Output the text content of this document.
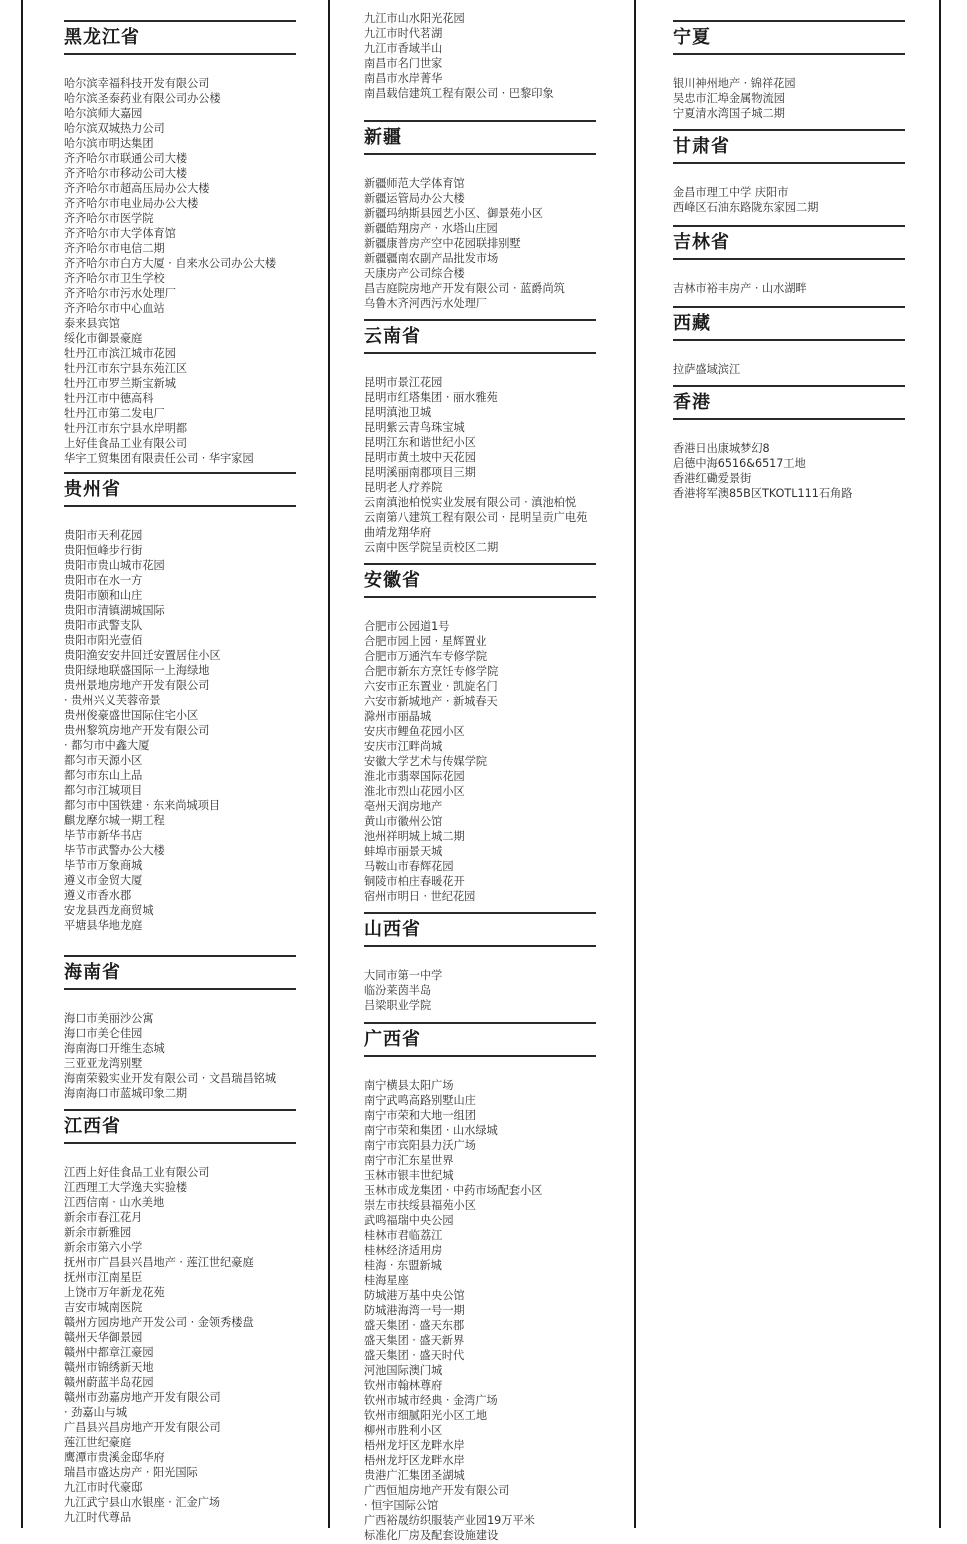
黑龙江省
哈尔滨幸福科技开发有限公司
哈尔滨圣泰药业有限公司办公楼
哈尔滨师大嘉园
哈尔滨双城热力公司
哈尔滨市明达集团
齐齐哈尔市联通公司大楼
齐齐哈尔市移动公司大楼
齐齐哈尔市超高压局办公大楼
齐齐哈尔市电业局办公大楼
齐齐哈尔市医学院
齐齐哈尔市大学体育馆
齐齐哈尔市电信二期
齐齐哈尔市白方大厦 · 自来水公司办公大楼
齐齐哈尔市卫生学校
齐齐哈尔市污水处理厂
齐齐哈尔市中心血站
泰来县宾馆
绥化市御景豪庭
牡丹江市滨江城市花园
牡丹江市东宁县东苑江区
牡丹江市罗兰斯宝新城
牡丹江市中德高科
牡丹江市第二发电厂
牡丹江市东宁县水岸明都
上好佳食品工业有限公司
华宇工贸集团有限责任公司 · 华宇家园
贵州省
贵阳市天利花园
贵阳恒峰步行街
贵阳市贵山城市花园
贵阳市在水一方
贵阳市颐和山庄
贵阳市清镇湖城国际
贵阳市武警支队
贵阳市阳光壹佰
贵阳渔安安井回迁安置居住小区
贵阳绿地联盛国际一上海绿地
贵州景地房地产开发有限公司
· 贵州兴义芙蓉帝景
贵州俊豪盛世国际住宅小区
贵州黎筑房地产开发有限公司
· 都匀市中鑫大厦
都匀市天源小区
都匀市东山上品
都匀市江城项目
都匀市中国铁建 · 东来尚城项目
麒龙摩尔城一期工程
毕节市新华书店
毕节市武警办公大楼
毕节市万象商城
遵义市金贸大厦
遵义市香水郡
安龙县西龙商贸城
平塘县华地龙庭
海南省
海口市美丽沙公寓
海口市美仑佳园
海南海口开维生态城
三亚亚龙湾别墅
海南荣毅实业开发有限公司 · 文昌瑞昌铭城
海南海口市蓝城印象二期
江西省
江西上好佳食品工业有限公司
江西理工大学逸夫实验楼
江西信南 · 山水美地
新余市春江花月
新余市新雅园
新余市第六小学
抚州市广昌县兴昌地产 · 莲江世纪豪庭
抚州市江南星臣
上饶市万年新龙花苑
吉安市城南医院
赣州方园房地产开发公司 · 金领秀楼盘
赣州天华御景园
赣州中都章江豪园
赣州市锦绣新天地
赣州蔚蓝半岛花园
赣州市劲嘉房地产开发有限公司
· 劲嘉山与城
广昌县兴昌房地产开发有限公司
莲江世纪豪庭
鹰潭市贵溪金邸华府
瑞昌市盛达房产 · 阳光国际
九江市时代豪邸
九江武宁县山水银座 · 汇金广场
九江时代尊品
九江市山水阳光花园
九江市时代茗湖
九江市香域半山
南昌市名门世家
南昌市水岸菁华
南昌载信建筑工程有限公司 · 巴黎印象
新疆
新疆师范大学体育馆
新疆运管局办公大楼
新疆玛纳斯县园艺小区、御景苑小区
新疆皓翔房产 · 水塔山庄园
新疆康普房产空中花园联排别墅
新疆疆南农副产品批发市场
天康房产公司综合楼
昌吉庭院房地产开发有限公司 · 蓝爵尚筑
乌鲁木齐河西污水处理厂
云南省
昆明市景江花园
昆明市红塔集团 · 丽水雅苑
昆明滇池卫城
昆明紫云青鸟珠宝城
昆明江东和谐世纪小区
昆明市黄土坡中天花园
昆明溪丽南郡项目三期
昆明老人疗养院
云南滇池柏悦实业发展有限公司 · 滇池柏悦
云南第八建筑工程有限公司 · 昆明呈贡广电苑
曲靖龙翔华府
云南中医学院呈贡校区二期
安徽省
合肥市公园道1号
合肥市园上园 · 星辉置业
合肥市万通汽车专修学院
合肥市新东方烹饪专修学院
六安市正东置业 · 凯旋名门
六安市新城地产 · 新城春天
滁州市丽晶城
安庆市鲤鱼花园小区
安庆市江畔尚城
安徽大学艺术与传媒学院
淮北市翡翠国际花园
淮北市烈山花园小区
亳州天润房地产
黄山市徽州公馆
池州祥明城上城二期
蚌埠市丽景天城
马鞍山市春辉花园
铜陵市柏庄春暖花开
宿州市明日 · 世纪花园
山西省
大同市第一中学
临汾莱茵半岛
吕梁职业学院
广西省
南宁横县太阳广场
南宁武鸣高路别墅山庄
南宁市荣和大地一组团
南宁市荣和集团 · 山水绿城
南宁市宾阳县力沃广场
南宁市汇东星世界
玉林市银丰世纪城
玉林市成龙集团 · 中药市场配套小区
崇左市扶绥县福苑小区
武鸣福瑞中央公园
桂林市君临荔江
桂林经济适用房
桂海 · 东盟新城
桂海星座
防城港万基中央公馆
防城港海湾一号一期
盛天集团 · 盛天东郡
盛天集团 · 盛天新界
盛天集团 · 盛天时代
河池国际澳门城
钦州市翰林尊府
钦州市城市经典 · 金湾广场
钦州市细腻阳光小区工地
柳州市胜利小区
梧州龙圩区龙畔水岸
梧州龙圩区龙畔水岸
贵港广汇集团圣湖城
广西恒旭房地产开发有限公司
· 恒宇国际公馆
广西裕晟纺织服装产业园19万平米
标准化厂房及配套设施建设
宁夏
银川神州地产 · 锦祥花园
吴忠市汇埠金属物流园
宁夏清水湾国子城二期
甘肃省
金昌市理工中学 庆阳市
西峰区石油东路陇东家园二期
吉林省
吉林市裕丰房产 · 山水湖畔
西藏
拉萨盛域滨江
香港
香港日出康城梦幻8
启德中海6516&6517工地
香港红磡爱景街
香港将军澳85B区TKOTL111石角路
